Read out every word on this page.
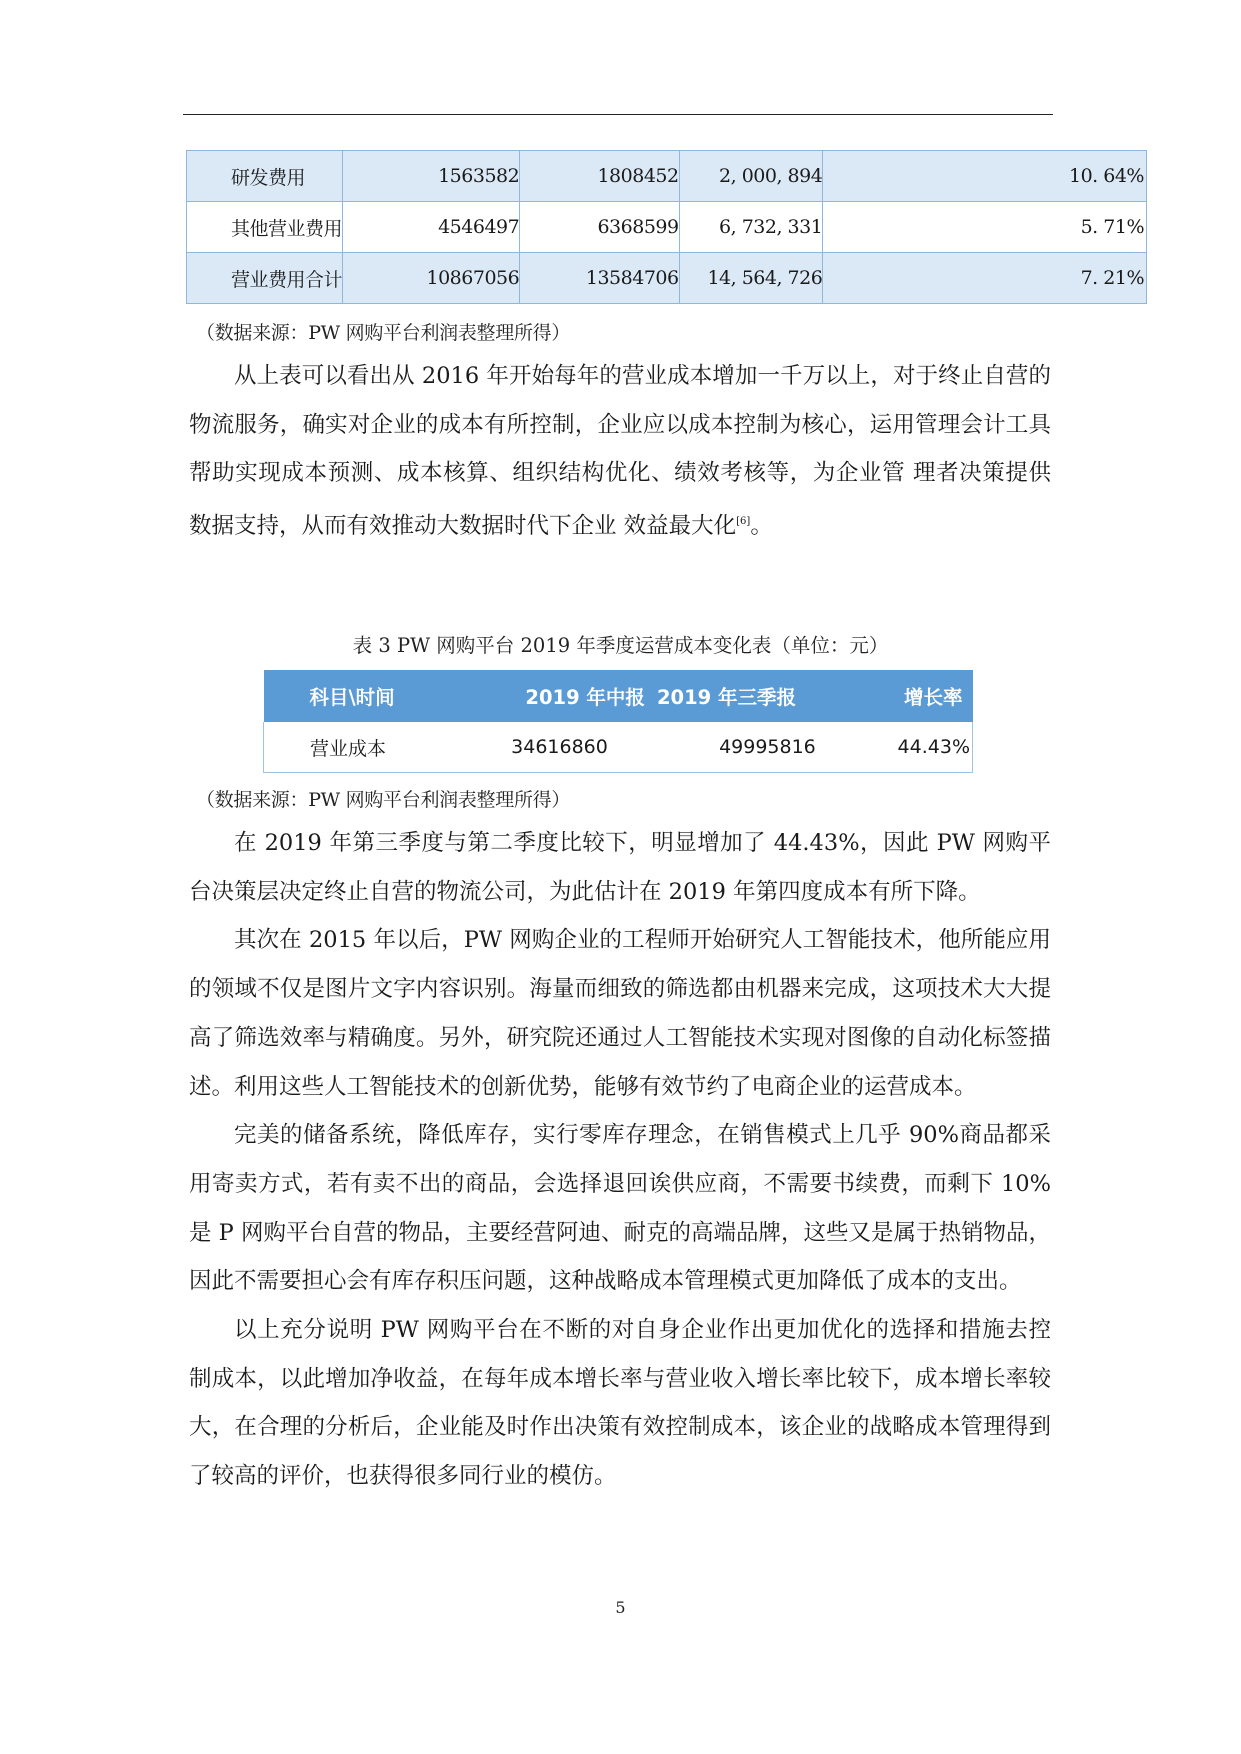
研发费用	1563582	1808452	2, 000, 894	10. 64%
其他营业费用	4546497	6368599	6, 732, 331	5. 71%
营业费用合计	10867056	13584706	14, 564, 726	7. 21%
（数据来源：PW 网购平台利润表整理所得）

从上表可以看出从 2016 年开始每年的营业成本增加一千万以上，对于终止自营的物流服务，确实对企业的成本有所控制，企业应以成本控制为核心，运用管理会计工具帮助实现成本预测、成本核算、组织结构优化、绩效考核等，为企业管 理者决策提供数据支持，从而有效推动大数据时代下企业 效益最大化[6]。

表 3 PW 网购平台 2019 年季度运营成本变化表（单位：元）
科目\时间	2019 年中报	2019 年三季报	增长率
营业成本	34616860	49995816	44.43%
（数据来源：PW 网购平台利润表整理所得）

在 2019 年第三季度与第二季度比较下，明显增加了 44.43%，因此 PW 网购平台决策层决定终止自营的物流公司，为此估计在 2019 年第四度成本有所下降。

其次在 2015 年以后，PW 网购企业的工程师开始研究人工智能技术，他所能应用的领域不仅是图片文字内容识别。海量而细致的筛选都由机器来完成，这项技术大大提高了筛选效率与精确度。另外，研究院还通过人工智能技术实现对图像的自动化标签描述。利用这些人工智能技术的创新优势，能够有效节约了电商企业的运营成本。

完美的储备系统，降低库存，实行零库存理念，在销售模式上几乎 90%商品都采用寄卖方式，若有卖不出的商品，会选择退回诶供应商，不需要书续费，而剩下 10%是 P 网购平台自营的物品，主要经营阿迪、耐克的高端品牌，这些又是属于热销物品，因此不需要担心会有库存积压问题，这种战略成本管理模式更加降低了成本的支出。

以上充分说明 PW 网购平台在不断的对自身企业作出更加优化的选择和措施去控制成本，以此增加净收益，在每年成本增长率与营业收入增长率比较下，成本增长率较大，在合理的分析后，企业能及时作出决策有效控制成本，该企业的战略成本管理得到了较高的评价，也获得很多同行业的模仿。

5
